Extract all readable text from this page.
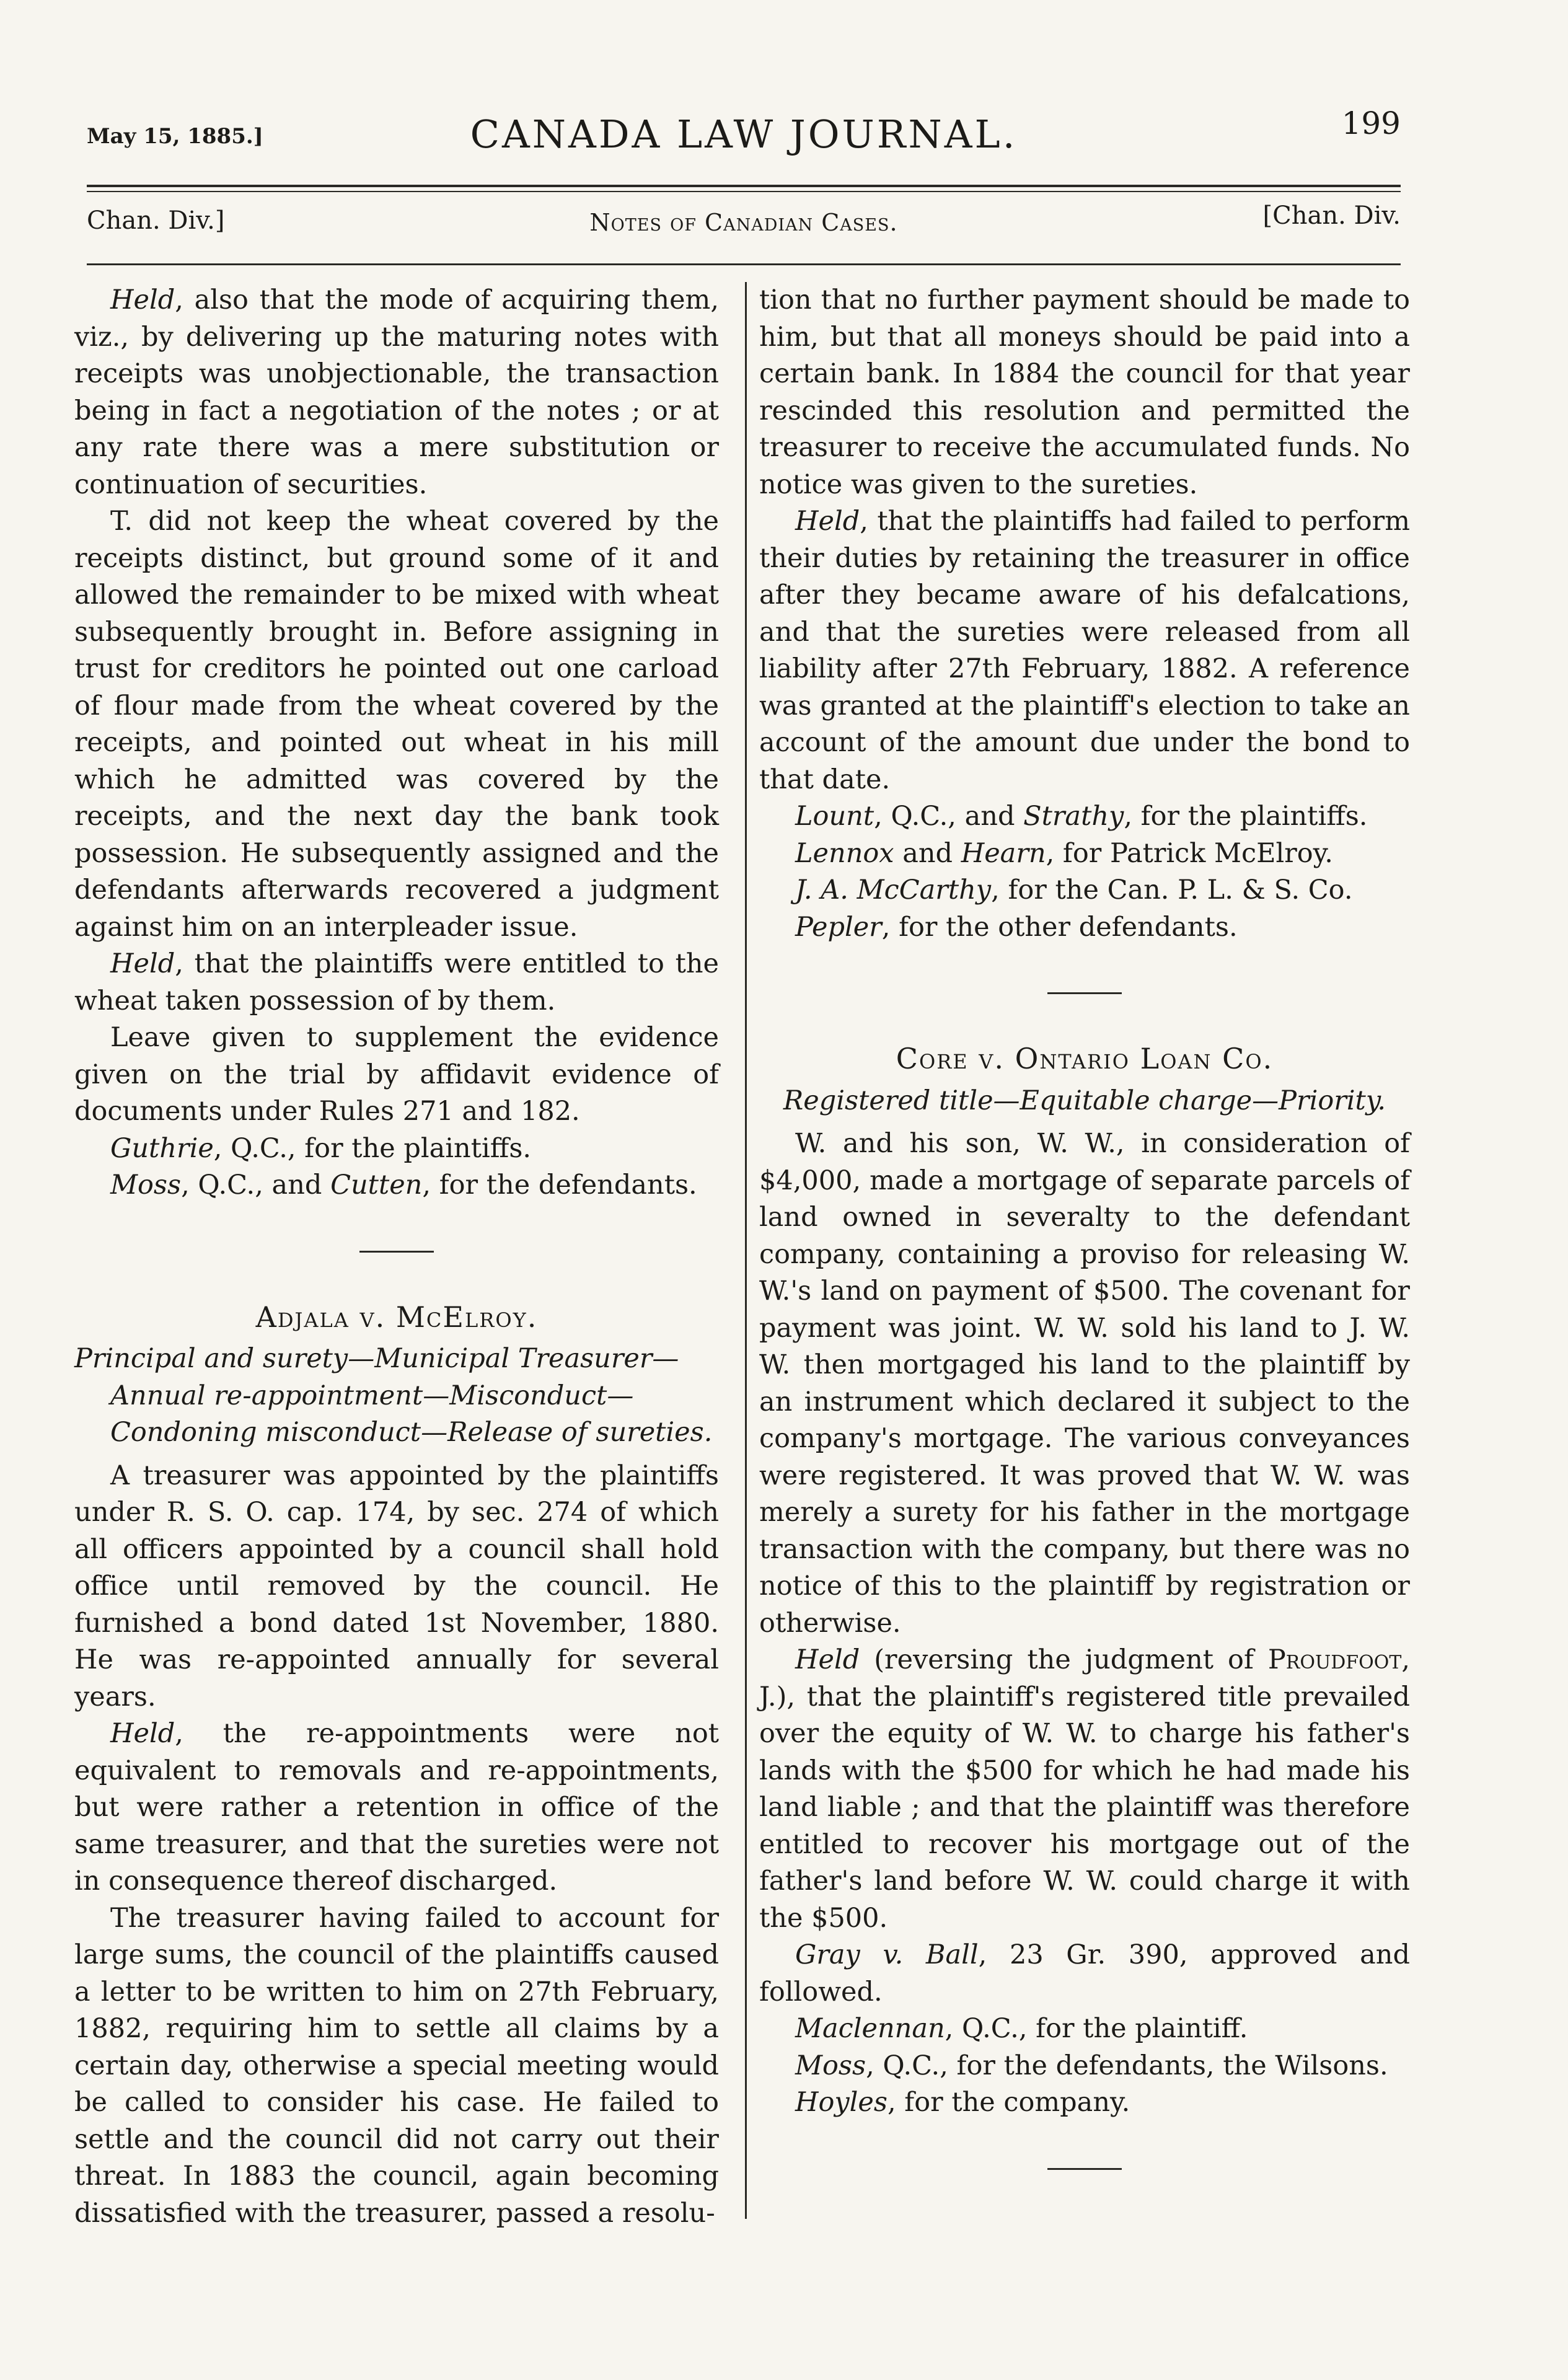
May 15, 1885.]	CANADA LAW JOURNAL.	199
Chan. Div.]	Notes of Canadian Cases.	[Chan. Div.

Held, also that the mode of acquiring them, viz., by delivering up the maturing notes with receipts was unobjectionable, the transaction being in fact a negotiation of the notes ; or at any rate there was a mere substitution or continuation of securities.

T. did not keep the wheat covered by the receipts distinct, but ground some of it and allowed the remainder to be mixed with wheat subsequently brought in. Before assigning in trust for creditors he pointed out one carload of flour made from the wheat covered by the receipts, and pointed out wheat in his mill which he admitted was covered by the receipts, and the next day the bank took possession. He subsequently assigned and the defendants afterwards recovered a judgment against him on an interpleader issue.

Held, that the plaintiffs were entitled to the wheat taken possession of by them.

Leave given to supplement the evidence given on the trial by affidavit evidence of documents under Rules 271 and 182.

Guthrie, Q.C., for the plaintiffs.

Moss, Q.C., and Cutten, for the defendants.

Adjala v. McElroy.

Principal and surety—Municipal Treasurer—Annual re-appointment—Misconduct—Condoning misconduct—Release of sureties.

A treasurer was appointed by the plaintiffs under R. S. O. cap. 174, by sec. 274 of which all officers appointed by a council shall hold office until removed by the council. He furnished a bond dated 1st November, 1880. He was re-appointed annually for several years.

Held, the re-appointments were not equivalent to removals and re-appointments, but were rather a retention in office of the same treasurer, and that the sureties were not in consequence thereof discharged.

The treasurer having failed to account for large sums, the council of the plaintiffs caused a letter to be written to him on 27th February, 1882, requiring him to settle all claims by a certain day, otherwise a special meeting would be called to consider his case. He failed to settle and the council did not carry out their threat. In 1883 the council, again becoming dissatisfied with the treasurer, passed a resolu-

tion that no further payment should be made to him, but that all moneys should be paid into a certain bank. In 1884 the council for that year rescinded this resolution and permitted the treasurer to receive the accumulated funds. No notice was given to the sureties.

Held, that the plaintiffs had failed to perform their duties by retaining the treasurer in office after they became aware of his defalcations, and that the sureties were released from all liability after 27th February, 1882. A reference was granted at the plaintiff's election to take an account of the amount due under the bond to that date.

Lount, Q.C., and Strathy, for the plaintiffs.

Lennox and Hearn, for Patrick McElroy.

J. A. McCarthy, for the Can. P. L. & S. Co.

Pepler, for the other defendants.

Core v. Ontario Loan Co.

Registered title—Equitable charge—Priority.

W. and his son, W. W., in consideration of $4,000, made a mortgage of separate parcels of land owned in severalty to the defendant company, containing a proviso for releasing W. W.'s land on payment of $500. The covenant for payment was joint. W. W. sold his land to J. W. W. then mortgaged his land to the plaintiff by an instrument which declared it subject to the company's mortgage. The various conveyances were registered. It was proved that W. W. was merely a surety for his father in the mortgage transaction with the company, but there was no notice of this to the plaintiff by registration or otherwise.

Held (reversing the judgment of Proudfoot, J.), that the plaintiff's registered title prevailed over the equity of W. W. to charge his father's lands with the $500 for which he had made his land liable ; and that the plaintiff was therefore entitled to recover his mortgage out of the father's land before W. W. could charge it with the $500.

Gray v. Ball, 23 Gr. 390, approved and followed.

Maclennan, Q.C., for the plaintiff.

Moss, Q.C., for the defendants, the Wilsons.

Hoyles, for the company.
